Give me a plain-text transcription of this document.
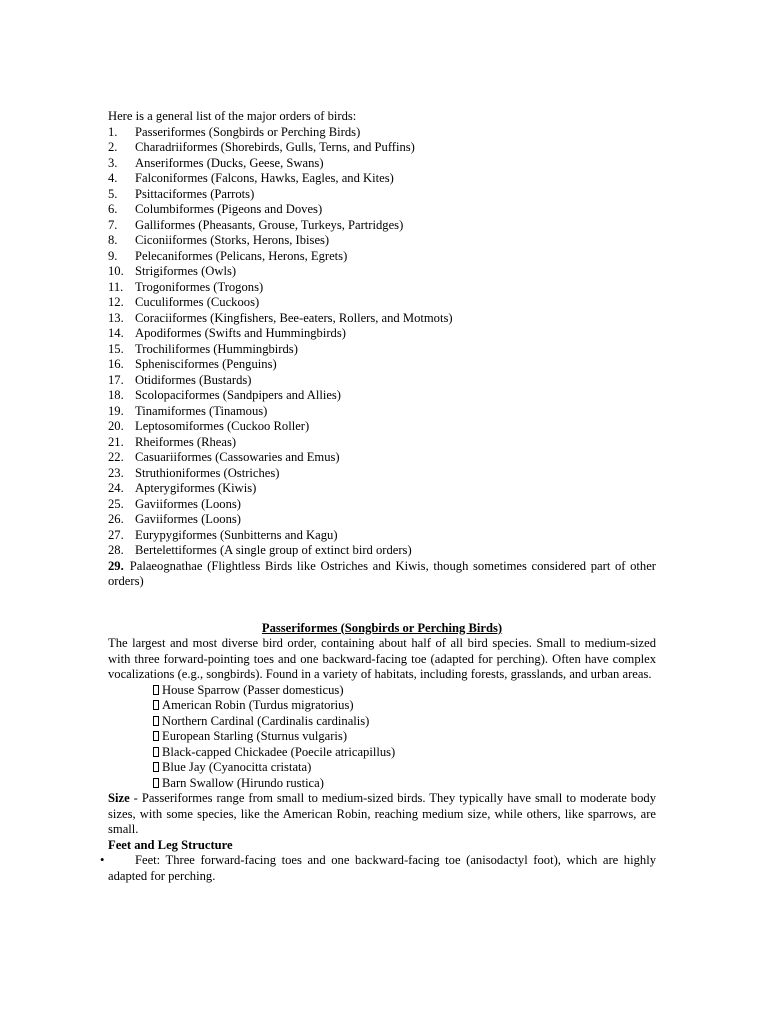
Here is a general list of the major orders of birds:

1. Passeriformes (Songbirds or Perching Birds)
2. Charadriiformes (Shorebirds, Gulls, Terns, and Puffins)
3. Anseriformes (Ducks, Geese, Swans)
4. Falconiformes (Falcons, Hawks, Eagles, and Kites)
5. Psittaciformes (Parrots)
6. Columbiformes (Pigeons and Doves)
7. Galliformes (Pheasants, Grouse, Turkeys, Partridges)
8. Ciconiiformes (Storks, Herons, Ibises)
9. Pelecaniformes (Pelicans, Herons, Egrets)
10. Strigiformes (Owls)
11. Trogoniformes (Trogons)
12. Cuculiformes (Cuckoos)
13. Coraciiformes (Kingfishers, Bee-eaters, Rollers, and Motmots)
14. Apodiformes (Swifts and Hummingbirds)
15. Trochiliformes (Hummingbirds)
16. Sphenisciformes (Penguins)
17. Otidiformes (Bustards)
18. Scolopaciformes (Sandpipers and Allies)
19. Tinamiformes (Tinamous)
20. Leptosomiformes (Cuckoo Roller)
21. Rheiformes (Rheas)
22. Casuariiformes (Cassowaries and Emus)
23. Struthioniformes (Ostriches)
24. Apterygiformes (Kiwis)
25. Gaviiformes (Loons)
26. Gaviiformes (Loons)
27. Eurypygiformes (Sunbitterns and Kagu)
28. Bertelettiformes (A single group of extinct bird orders)
29. Palaeognathae (Flightless Birds like Ostriches and Kiwis, though sometimes considered part of other orders)
Passeriformes (Songbirds or Perching Birds)

The largest and most diverse bird order, containing about half of all bird species. Small to medium-sized with three forward-pointing toes and one backward-facing toe (adapted for perching). Often have complex vocalizations (e.g., songbirds). Found in a variety of habitats, including forests, grasslands, and urban areas.

House Sparrow (Passer domesticus)
American Robin (Turdus migratorius)
Northern Cardinal (Cardinalis cardinalis)
European Starling (Sturnus vulgaris)
Black-capped Chickadee (Poecile atricapillus)
Blue Jay (Cyanocitta cristata)
Barn Swallow (Hirundo rustica)

Size - Passeriformes range from small to medium-sized birds. They typically have small to moderate body sizes, with some species, like the American Robin, reaching medium size, while others, like sparrows, are small.

Feet and Leg Structure

• Feet: Three forward-facing toes and one backward-facing toe (anisodactyl foot), which are highly adapted for perching.
